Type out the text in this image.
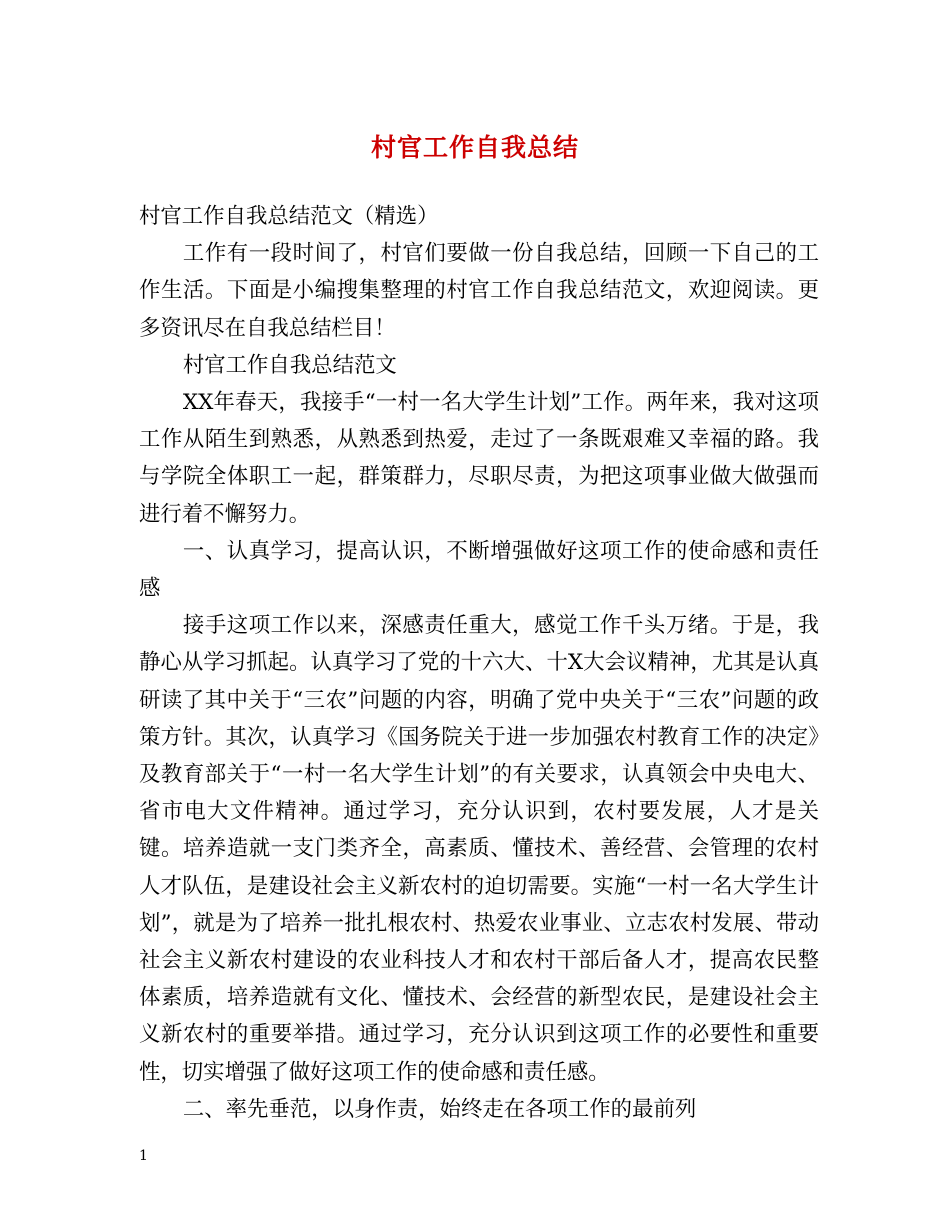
村官工作自我总结

村官工作自我总结范文（精选）

工作有一段时间了，村官们要做一份自我总结，回顾一下自己的工作生活。下面是小编搜集整理的村官工作自我总结范文，欢迎阅读。更多资讯尽在自我总结栏目！

村官工作自我总结范文

XX年春天，我接手“一村一名大学生计划”工作。两年来，我对这项工作从陌生到熟悉，从熟悉到热爱，走过了一条既艰难又幸福的路。我与学院全体职工一起，群策群力，尽职尽责，为把这项事业做大做强而进行着不懈努力。

一、认真学习，提高认识，不断增强做好这项工作的使命感和责任感

接手这项工作以来，深感责任重大，感觉工作千头万绪。于是，我静心从学习抓起。认真学习了党的十六大、十X大会议精神，尤其是认真研读了其中关于“三农”问题的内容，明确了党中央关于“三农”问题的政策方针。其次，认真学习《国务院关于进一步加强农村教育工作的决定》及教育部关于“一村一名大学生计划”的有关要求，认真领会中央电大、省市电大文件精神。通过学习，充分认识到，农村要发展，人才是关键。培养造就一支门类齐全，高素质、懂技术、善经营、会管理的农村人才队伍，是建设社会主义新农村的迫切需要。实施“一村一名大学生计划”，就是为了培养一批扎根农村、热爱农业事业、立志农村发展、带动社会主义新农村建设的农业科技人才和农村干部后备人才，提高农民整体素质，培养造就有文化、懂技术、会经营的新型农民，是建设社会主义新农村的重要举措。通过学习，充分认识到这项工作的必要性和重要性，切实增强了做好这项工作的使命感和责任感。

二、率先垂范，以身作责，始终走在各项工作的最前列

1
